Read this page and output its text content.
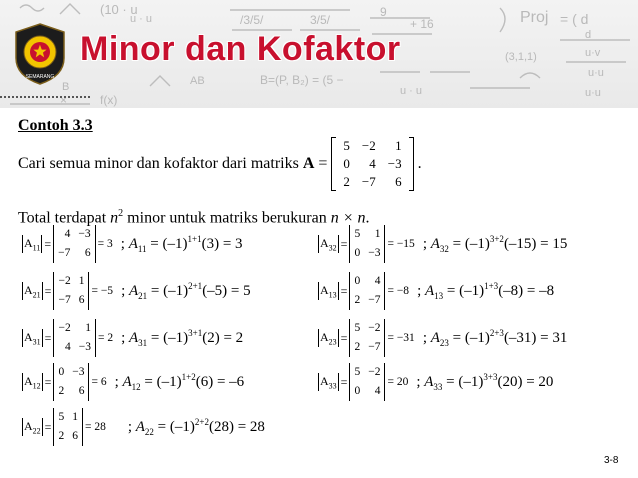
(10 · u
u · u	/3/5/	3/5/
9
+ 16	Proj = ( d
d
(3,1,1)	u·v
u·u
u·u
B	AB	B=(P, B₂) = (5 −
×	f(x)
u · u
SEMARANG
Minor dan Kofaktor
Contoh 3.3
Cari semua minor dan kofaktor dari matriks A =
5	−2	1
0	4	−3
2	−7	6
.
Total terdapat $n^2$ minor untuk matriks berukuran n × n.
$A_{11}$ =
4	−3
−7	6
= 3 ; $A_{11} = (-1)^{1+1}(3) = 3$
$A_{21}$ =
−2	1
−7	6
= −5 ; $A_{21} = (-1)^{2+1}(-5) = 5$
$A_{31}$ =
−2	1
4	−3
= 2 ; $A_{31} = (-1)^{3+1}(2) = 2$
$A_{12}$ =
0	−3
2	6
= 6 ; $A_{12} = (-1)^{1+2}(6) = -6$
$A_{22}$ =
5	1
2	6
= 28 ; $A_{22} = (-1)^{2+2}(28) = 28$
$A_{32}$ =
5	1
0	−3
= −15 ; $A_{32} = (-1)^{3+2}(-15) = 15$
$A_{13}$ =
0	4
2	−7
= −8 ; $A_{13} = (-1)^{1+3}(-8) = -8$
$A_{23}$ =
5	−2
2	−7
= −31 ; $A_{23} = (-1)^{2+3}(-31) = 31$
$A_{33}$ =
5	−2
0	4
= 20 ; $A_{33} = (-1)^{3+3}(20) = 20$
3-8
